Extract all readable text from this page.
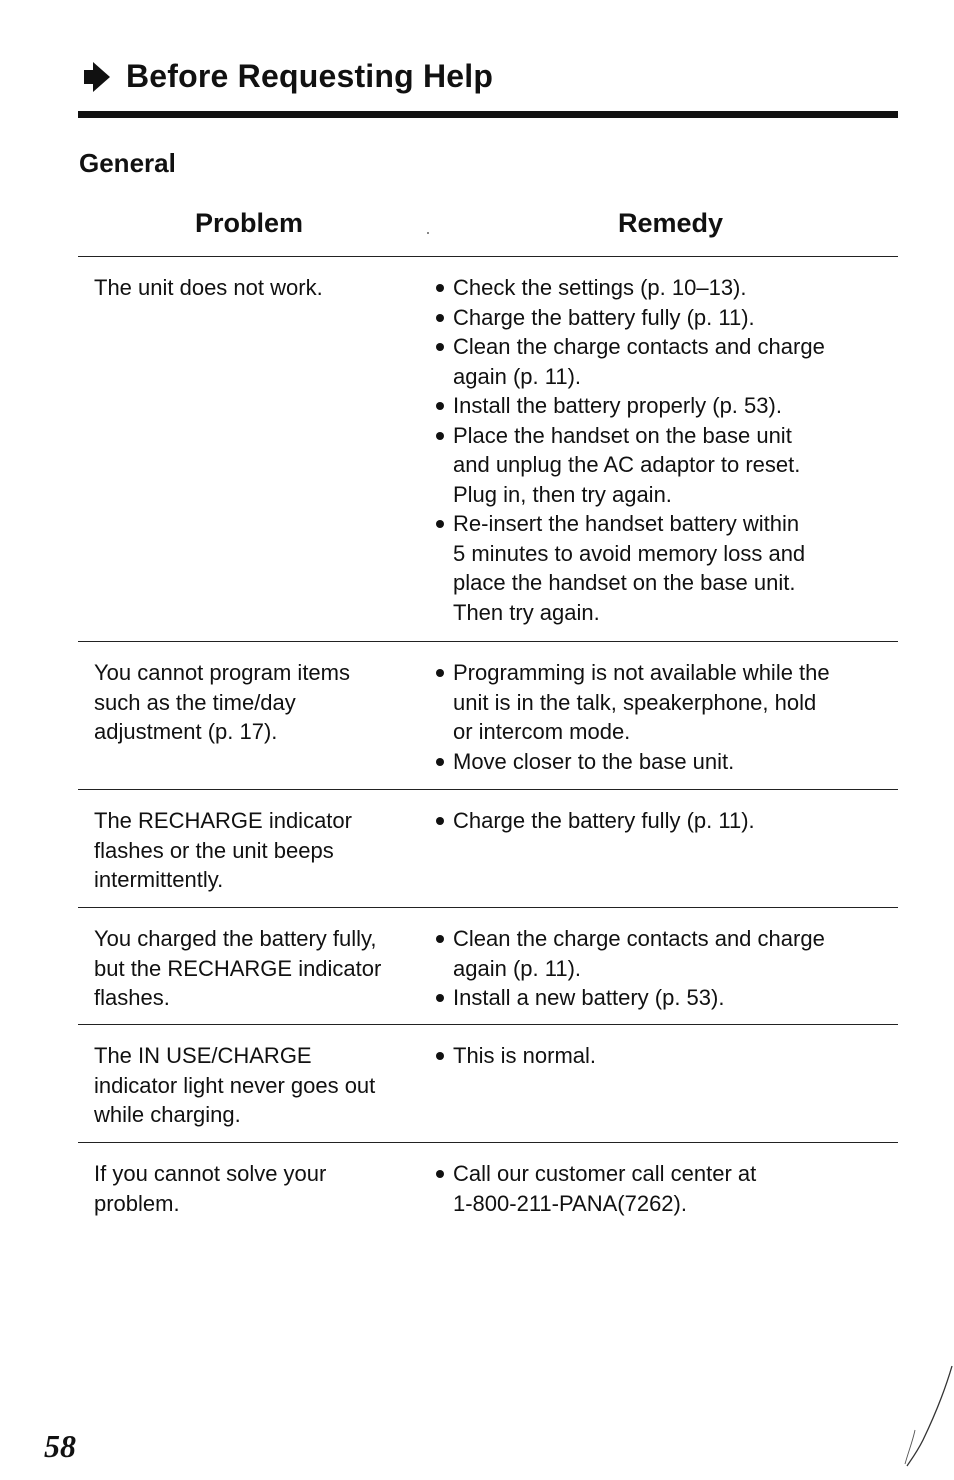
Before Requesting Help
General
Problem	Remedy
The unit does not work.	Check the settings (p. 10–13).
Charge the battery fully (p. 11).
Clean the charge contacts and charge
again (p. 11).
Install the battery properly (p. 53).
Place the handset on the base unit
and unplug the AC adaptor to reset.
Plug in, then try again.
Re-insert the handset battery within
5 minutes to avoid memory loss and
place the handset on the base unit.
Then try again.
You cannot program items
such as the time/day
adjustment (p. 17).
Programming is not available while the
unit is in the talk, speakerphone, hold
or intercom mode.
Move closer to the base unit.
The RECHARGE indicator
flashes or the unit beeps
intermittently.
Charge the battery fully (p. 11).
You charged the battery fully,
but the RECHARGE indicator
flashes.
Clean the charge contacts and charge
again (p. 11).
Install a new battery (p. 53).
The IN USE/CHARGE
indicator light never goes out
while charging.
This is normal.
If you cannot solve your
problem.
Call our customer call center at
1-800-211-PANA(7262).
58
